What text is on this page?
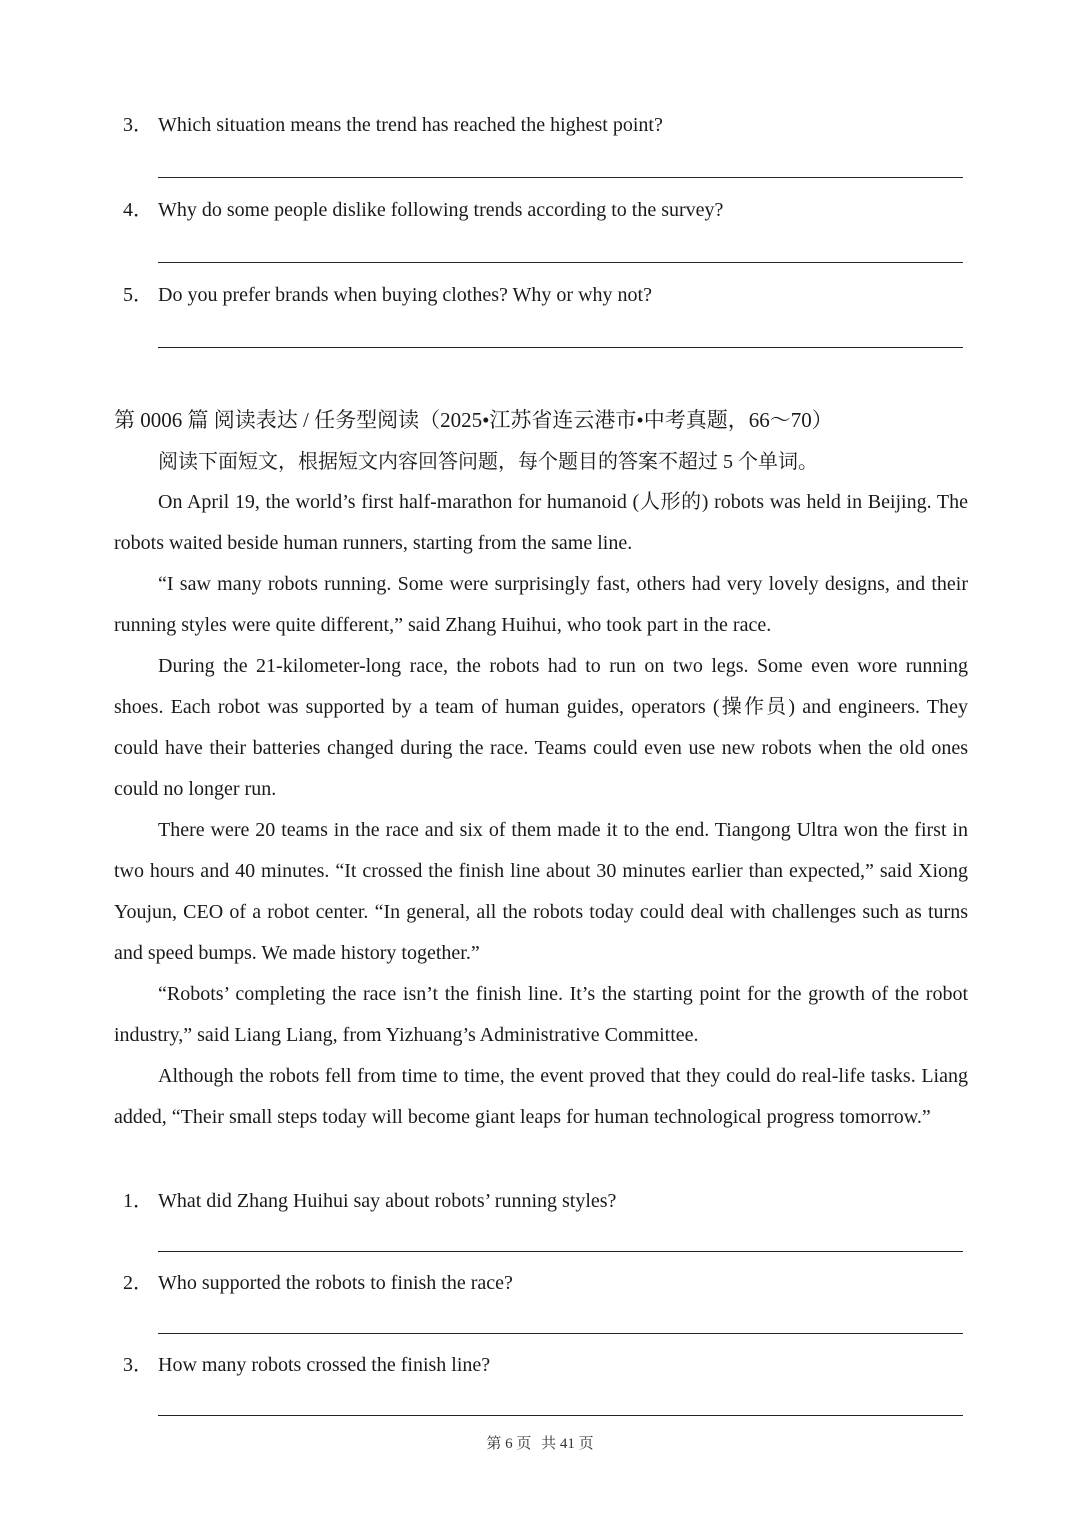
3． Which situation means the trend has reached the highest point?
4． Why do some people dislike following trends according to the survey?
5． Do you prefer brands when buying clothes? Why or why not?
第 0006 篇 阅读表达 / 任务型阅读（2025•江苏省连云港市•中考真题，66～70）
阅读下面短文，根据短文内容回答问题，每个题目的答案不超过 5 个单词。

On April 19, the world’s first half-marathon for humanoid (人形的) robots was held in Beijing. The robots waited beside human runners, starting from the same line.

“I saw many robots running. Some were surprisingly fast, others had very lovely designs, and their running styles were quite different,” said Zhang Huihui, who took part in the race.

During the 21-kilometer-long race, the robots had to run on two legs. Some even wore running shoes. Each robot was supported by a team of human guides, operators (操作员) and engineers. They could have their batteries changed during the race. Teams could even use new robots when the old ones could no longer run.

There were 20 teams in the race and six of them made it to the end. Tiangong Ultra won the first in two hours and 40 minutes. “It crossed the finish line about 30 minutes earlier than expected,” said Xiong Youjun, CEO of a robot center. “In general, all the robots today could deal with challenges such as turns and speed bumps. We made history together.”

“Robots’ completing the race isn’t the finish line. It’s the starting point for the growth of the robot industry,” said Liang Liang, from Yizhuang’s Administrative Committee.

Although the robots fell from time to time, the event proved that they could do real-life tasks. Liang added, “Their small steps today will become giant leaps for human technological progress tomorrow.”

1． What did Zhang Huihui say about robots’ running styles?
2． Who supported the robots to finish the race?
3． How many robots crossed the finish line?
第 6 页 共 41 页
